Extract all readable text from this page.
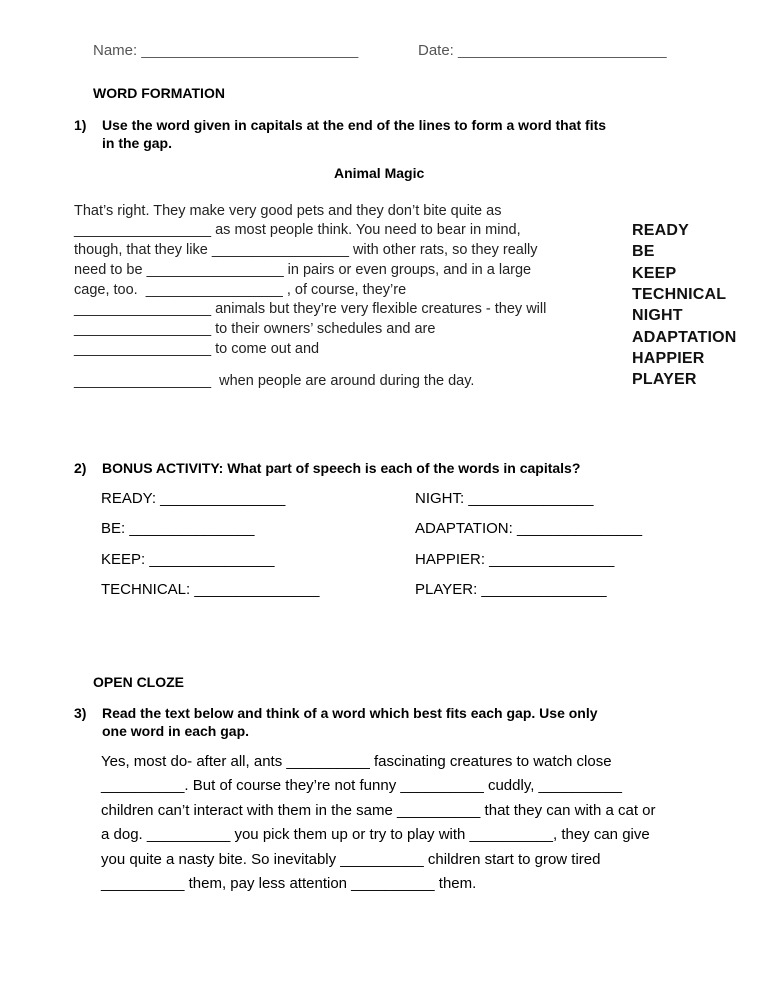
Name: __________________________	Date: _________________________
WORD FORMATION
1) Use the word given in capitals at the end of the lines to form a word that fits
in the gap.
Animal Magic
That’s right. They make very good pets and they don’t bite quite as
_________________ as most people think. You need to bear in mind,
though, that they like _________________ with other rats, so they really
need to be _________________ in pairs or even groups, and in a large
cage, too.  _________________ , of course, they’re
_________________ animals but they’re very flexible creatures - they will
_________________ to their owners’ schedules and are
_________________ to come out and
_________________  when people are around during the day.
READY
BE
KEEP
TECHNICAL
NIGHT
ADAPTATION
HAPPIER
PLAYER
2) BONUS ACTIVITY: What part of speech is each of the words in capitals?
READY: _______________
BE: _______________
KEEP: _______________
TECHNICAL: _______________
NIGHT: _______________
ADAPTATION: _______________
HAPPIER: _______________
PLAYER: _______________
OPEN CLOZE
3) Read the text below and think of a word which best fits each gap. Use only
one word in each gap.
Yes, most do- after all, ants __________ fascinating creatures to watch close
__________. But of course they’re not funny __________ cuddly, __________
children can’t interact with them in the same __________ that they can with a cat or
a dog. __________ you pick them up or try to play with __________, they can give
you quite a nasty bite. So inevitably __________ children start to grow tired
__________ them, pay less attention __________ them.
